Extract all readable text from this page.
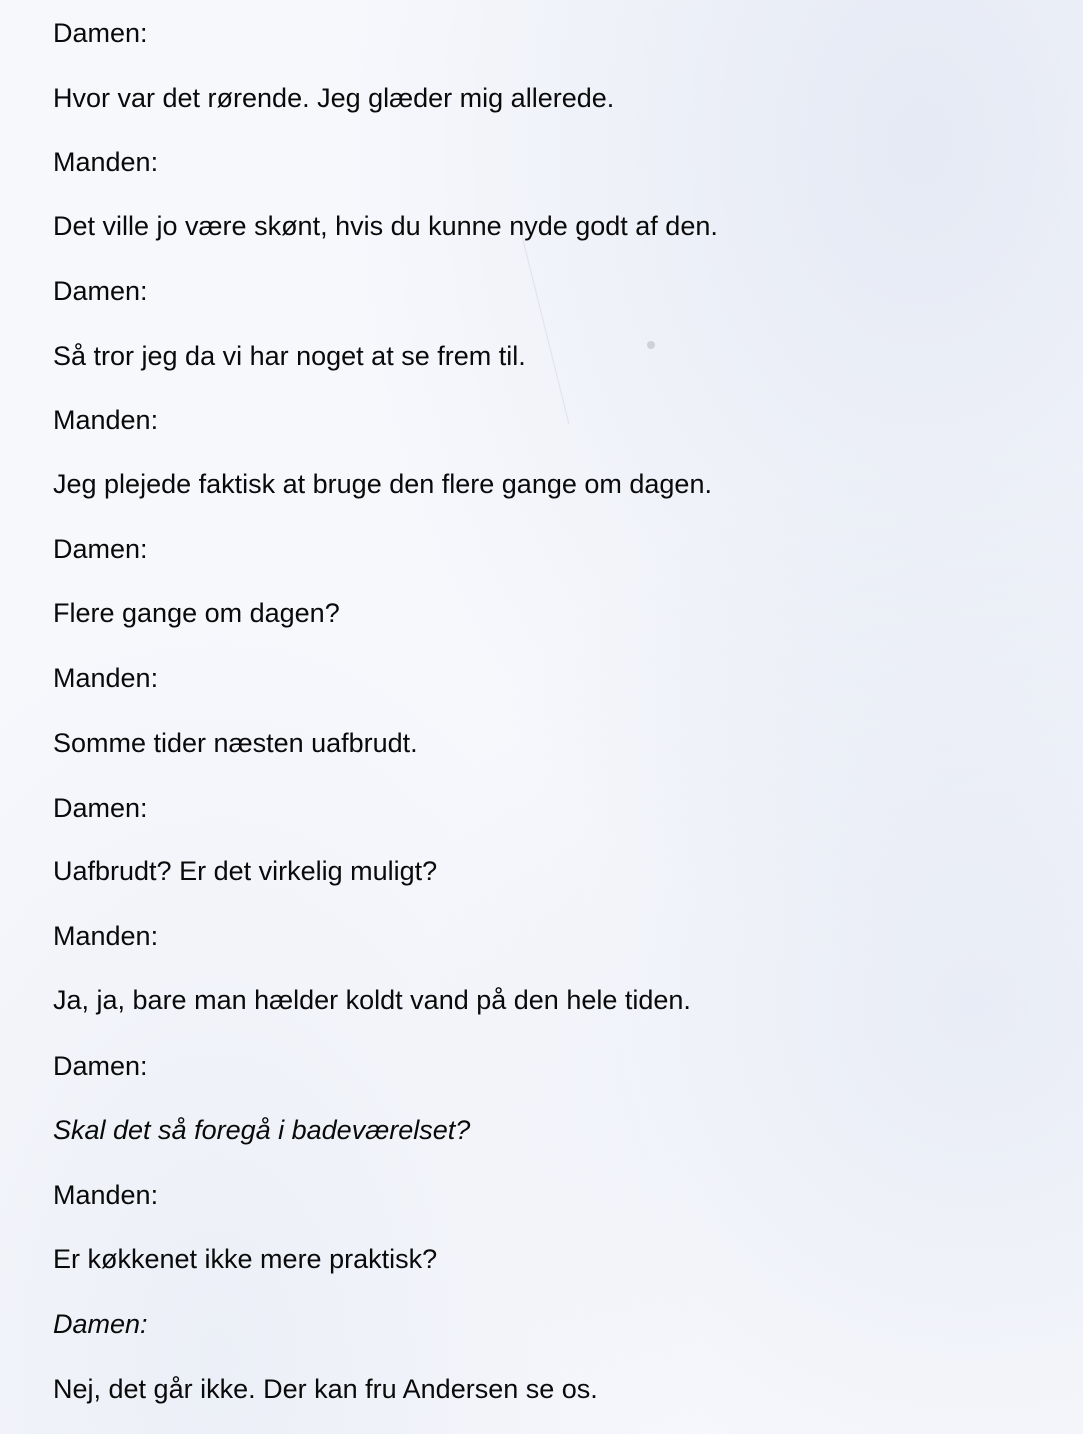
Damen:

Hvor var det rørende. Jeg glæder mig allerede.

Manden:

Det ville jo være skønt, hvis du kunne nyde godt af den.

Damen:

Så tror jeg da vi har noget at se frem til.

Manden:

Jeg plejede faktisk at bruge den flere gange om dagen.

Damen:

Flere gange om dagen?

Manden:

Somme tider næsten uafbrudt.

Damen:

Uafbrudt? Er det virkelig muligt?

Manden:

Ja, ja, bare man hælder koldt vand på den hele tiden.

Damen:

Skal det så foregå i badeværelset?

Manden:

Er køkkenet ikke mere praktisk?

Damen:

Nej, det går ikke. Der kan fru Andersen se os.
